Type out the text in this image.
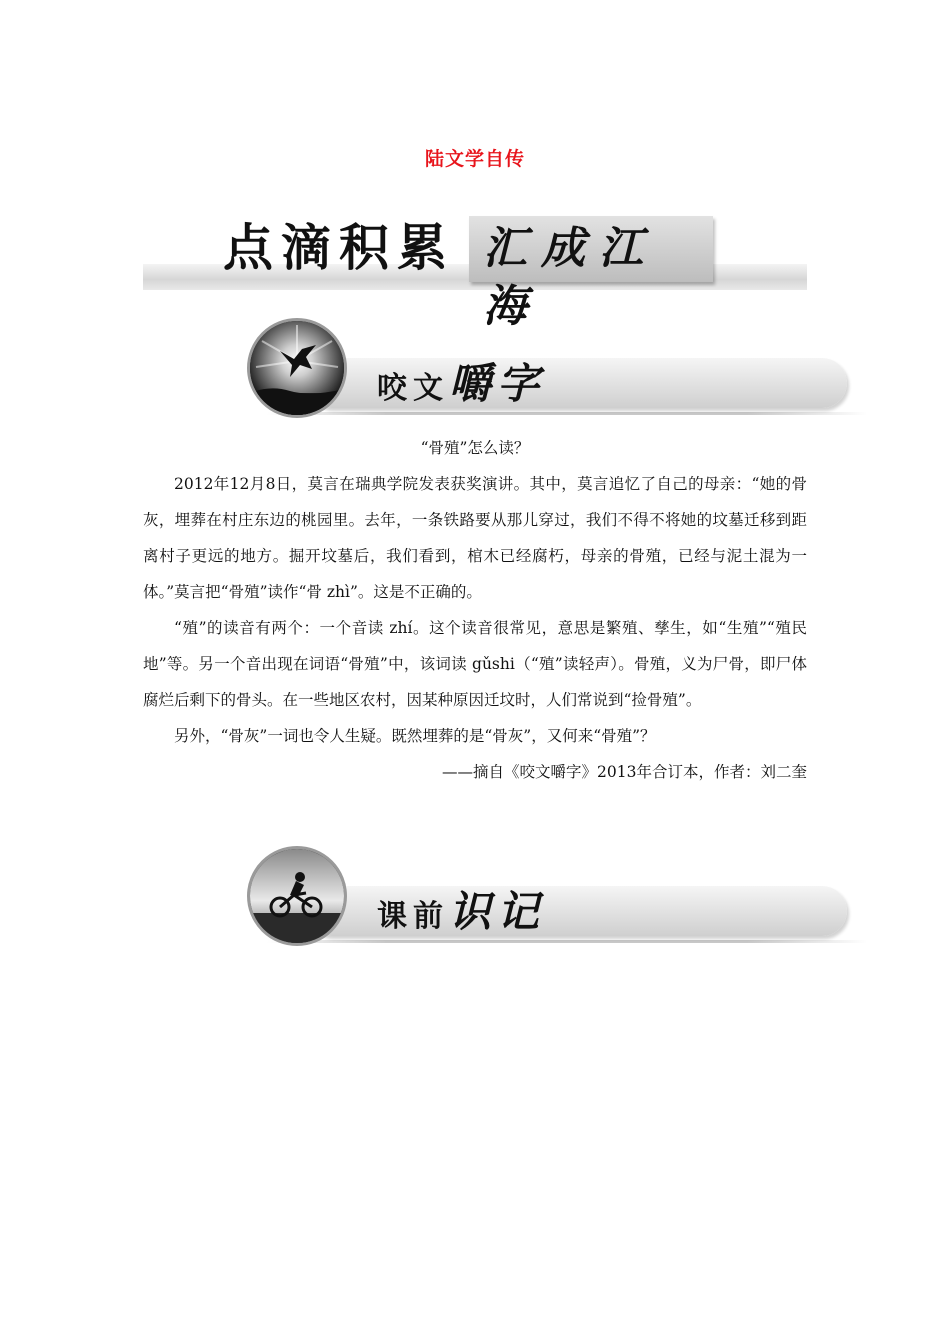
陆文学自传
点滴积累 汇成江海
咬文嚼字

“骨殖”怎么读？

2012年12月8日，莫言在瑞典学院发表获奖演讲。其中，莫言追忆了自己的母亲：“她的骨灰，埋葬在村庄东边的桃园里。去年，一条铁路要从那儿穿过，我们不得不将她的坟墓迁移到距离村子更远的地方。掘开坟墓后，我们看到，棺木已经腐朽，母亲的骨殖，已经与泥土混为一体。”莫言把“骨殖”读作“骨 zhì”。这是不正确的。

“殖”的读音有两个：一个音读 zhí。这个读音很常见，意思是繁殖、孳生，如“生殖”“殖民地”等。另一个音出现在词语“骨殖”中，该词读 gǔshi（“殖”读轻声）。骨殖，义为尸骨，即尸体腐烂后剩下的骨头。在一些地区农村，因某种原因迁坟时，人们常说到“捡骨殖”。

另外，“骨灰”一词也令人生疑。既然埋葬的是“骨灰”，又何来“骨殖”？

——摘自《咬文嚼字》2013年合订本，作者：刘二奎

课前识记
